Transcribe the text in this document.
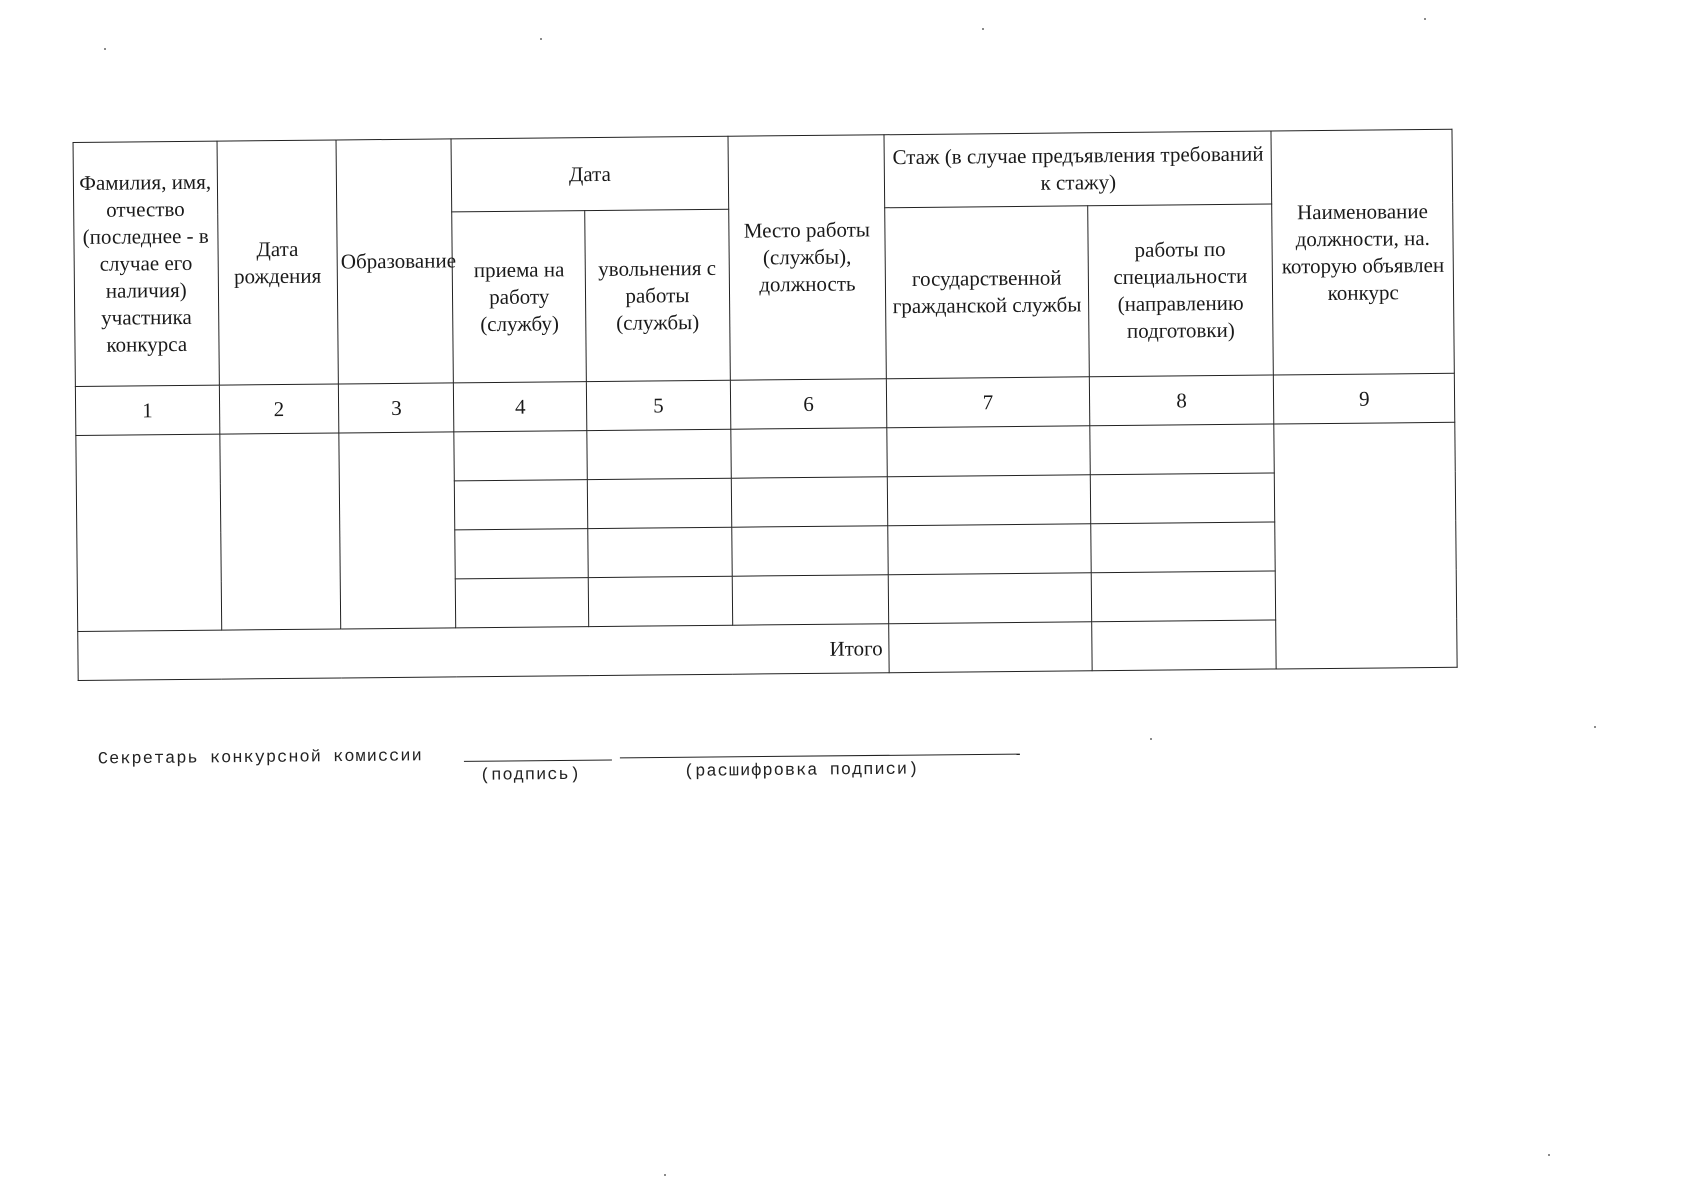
Фамилия, имя, отчество (последнее - в случае его наличия) участника конкурса	Дата рождения	Образование	Дата		Место работы (службы), должность	Стаж (в случае предъявления требований к стажу)		Наименование должности, на. которую объявлен конкурс
			приема на работу (службу)	увольнения с работы (службы)		государственной гражданской службы	работы по специальности (направлению подготовки)	
1	2	3	4	5	6	7	8	9

Итого								
Секретарь конкурсной комиссии
(подпись)	(расшифровка подписи)
